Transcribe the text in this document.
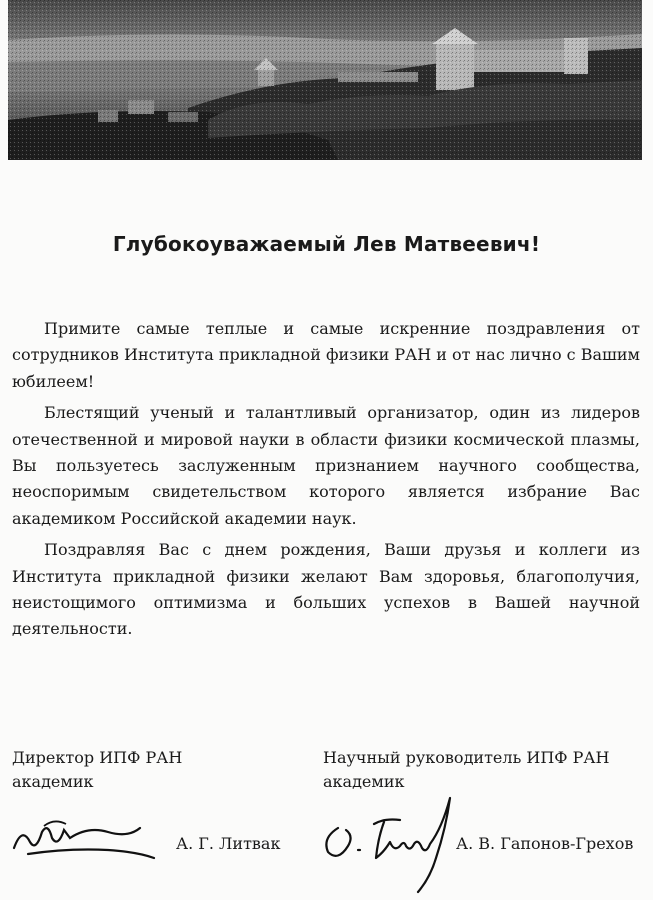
Глубокоуважаемый Лев Матвеевич!

Примите самые теплые и самые искренние поздравления от сотрудников Института прикладной физики РАН и от нас лично с Вашим юбилеем!

Блестящий ученый и талантливый организатор, один из лидеров отечественной и мировой науки в области физики космической плазмы, Вы пользуетесь заслуженным признанием научного сообщества, неоспоримым свидетельством которого является избрание Вас академиком Российской академии наук.

Поздравляя Вас с днем рождения, Ваши друзья и коллеги из Института прикладной физики желают Вам здоровья, благополучия, неистощимого оптимизма и больших успехов в Вашей научной деятельности.

Директор ИПФ РАН
академик
Научный руководитель ИПФ РАН
академик
А. Г. Литвак	А. В. Гапонов-Грехов
